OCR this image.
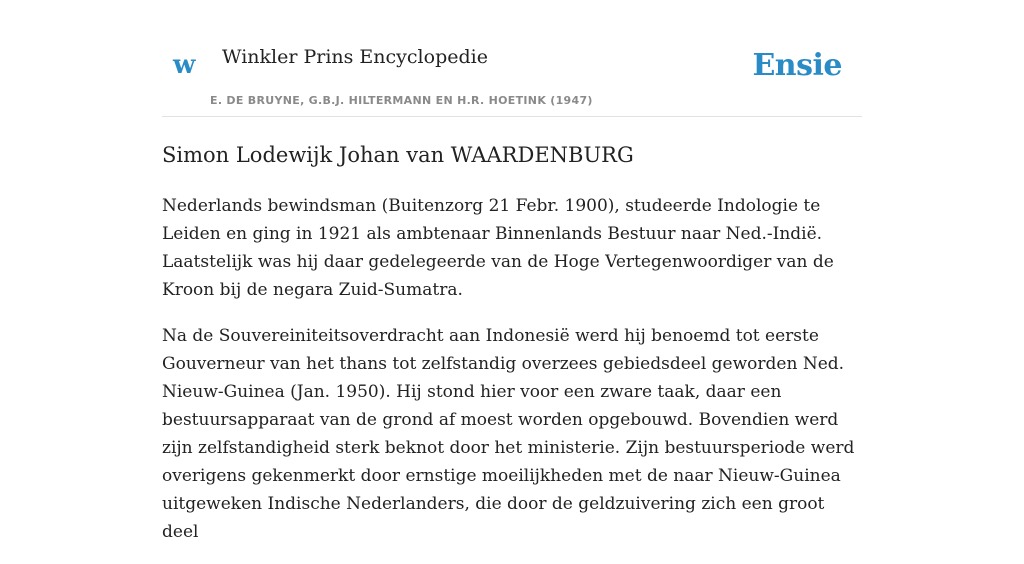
w Winkler Prins Encyclopedie
E. DE BRUYNE, G.B.J. HILTERMANN EN H.R. HOETINK (1947)
Ensie
Simon Lodewijk Johan van WAARDENBURG

Nederlands bewindsman (Buitenzorg 21 Febr. 1900), studeerde Indologie te Leiden en ging in 1921 als ambtenaar Binnenlands Bestuur naar Ned.-Indië. Laatstelijk was hij daar gedelegeerde van de Hoge Vertegenwoordiger van de Kroon bij de negara Zuid-Sumatra.

Na de Souvereiniteitsoverdracht aan Indonesië werd hij benoemd tot eerste Gouverneur van het thans tot zelfstandig overzees gebiedsdeel geworden Ned. Nieuw-Guinea (Jan. 1950). Hij stond hier voor een zware taak, daar een bestuursapparaat van de grond af moest worden opgebouwd. Bovendien werd zijn zelfstandigheid sterk beknot door het ministerie. Zijn bestuursperiode werd overigens gekenmerkt door ernstige moeilijkheden met de naar Nieuw-Guinea uitgeweken Indische Nederlanders, die door de geldzuivering zich een groot deel
